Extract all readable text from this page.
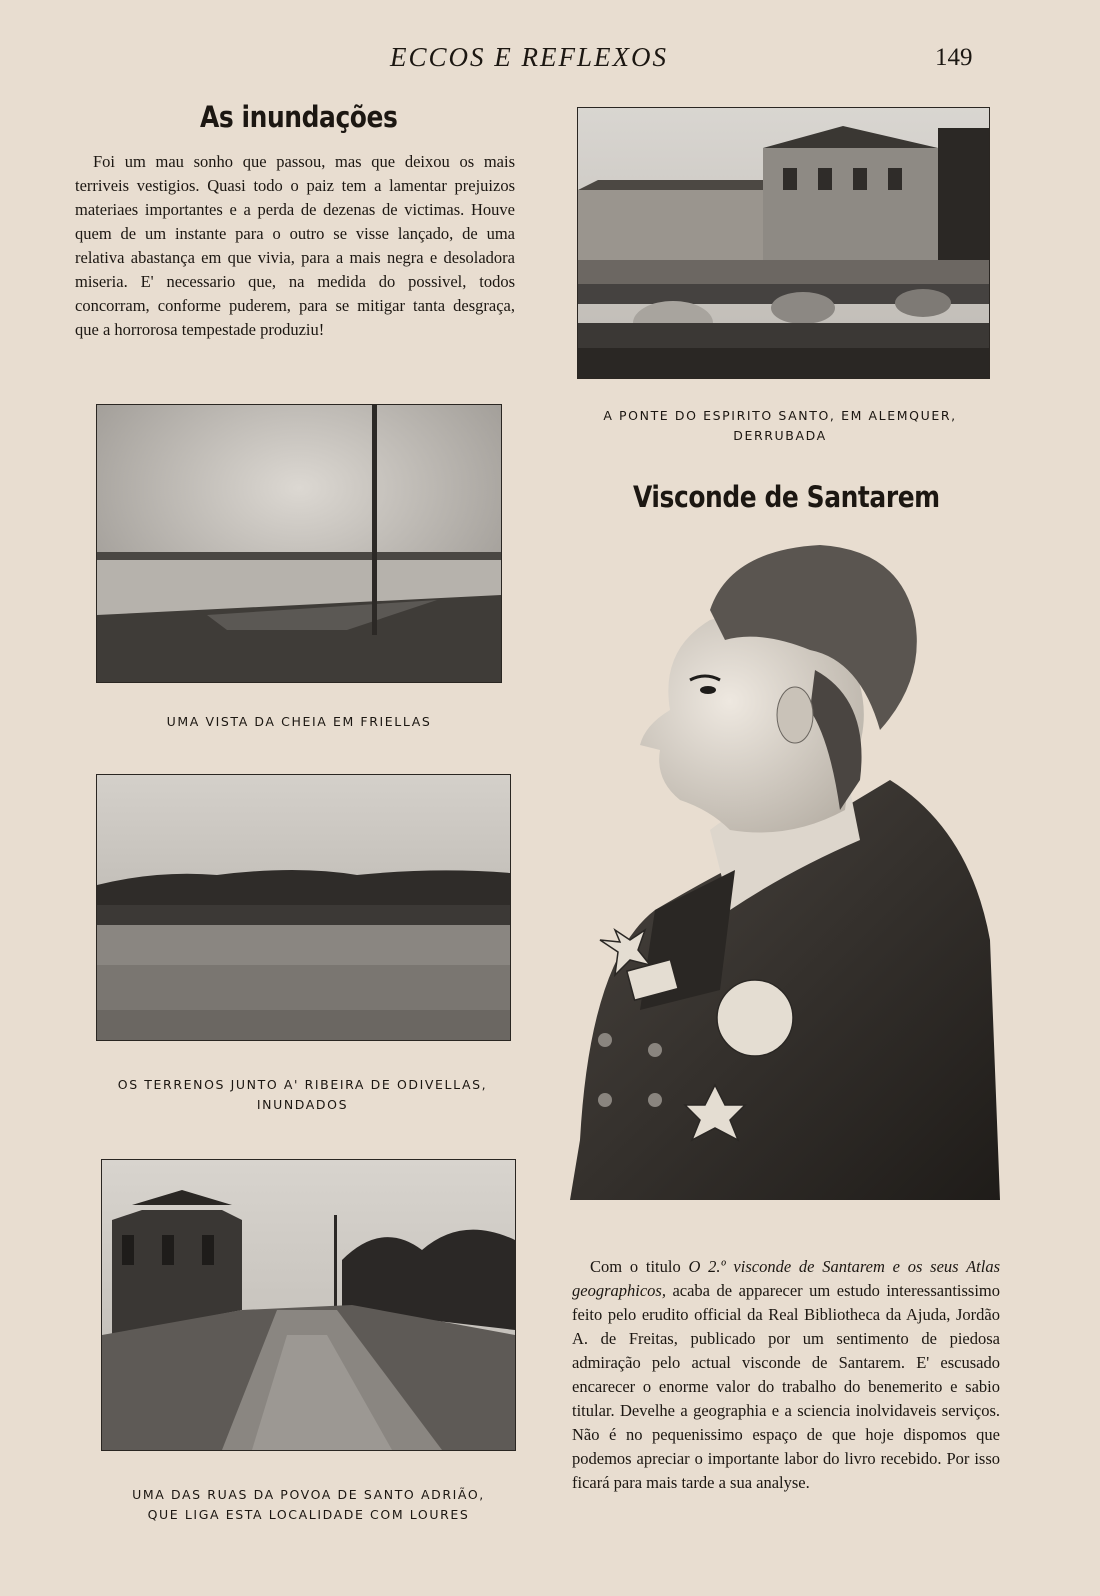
ECCOS E REFLEXOS	149
As inundações
Foi um mau sonho que passou, mas que deixou os mais terriveis vestigios. Quasi todo o paiz tem a lamentar prejuizos materiaes importantes e a perda de dezenas de victimas. Houve quem de um instante para o outro se visse lançado, de uma relativa abastança em que vivia, para a mais negra e desoladora miseria. E' necessario que, na medida do possivel, todos concorram, conforme puderem, para se mitigar tanta desgraça, que a horrorosa tempestade produziu!
A PONTE DO ESPIRITO SANTO, EM ALEMQUER,
DERRUBADA
UMA VISTA DA CHEIA EM FRIELLAS
OS TERRENOS JUNTO A' RIBEIRA DE ODIVELLAS,
INUNDADOS
UMA DAS RUAS DA POVOA DE SANTO ADRIÃO,
QUE LIGA ESTA LOCALIDADE COM LOURES
Visconde de Santarem
Com o titulo O 2.º visconde de Santarem e os seus Atlas geographicos, acaba de apparecer um estudo interessantissimo feito pelo erudito official da Real Bibliotheca da Ajuda, Jordão A. de Freitas, publicado por um sentimento de piedosa admiração pelo actual visconde de Santarem. E' escusado encarecer o enorme valor do trabalho do benemerito e sabio titular. Develhe a geographia e a sciencia inolvidaveis serviços. Não é no pequenissimo espaço de que hoje dispomos que podemos apreciar o importante labor do livro recebido. Por isso ficará para mais tarde a sua analyse.
